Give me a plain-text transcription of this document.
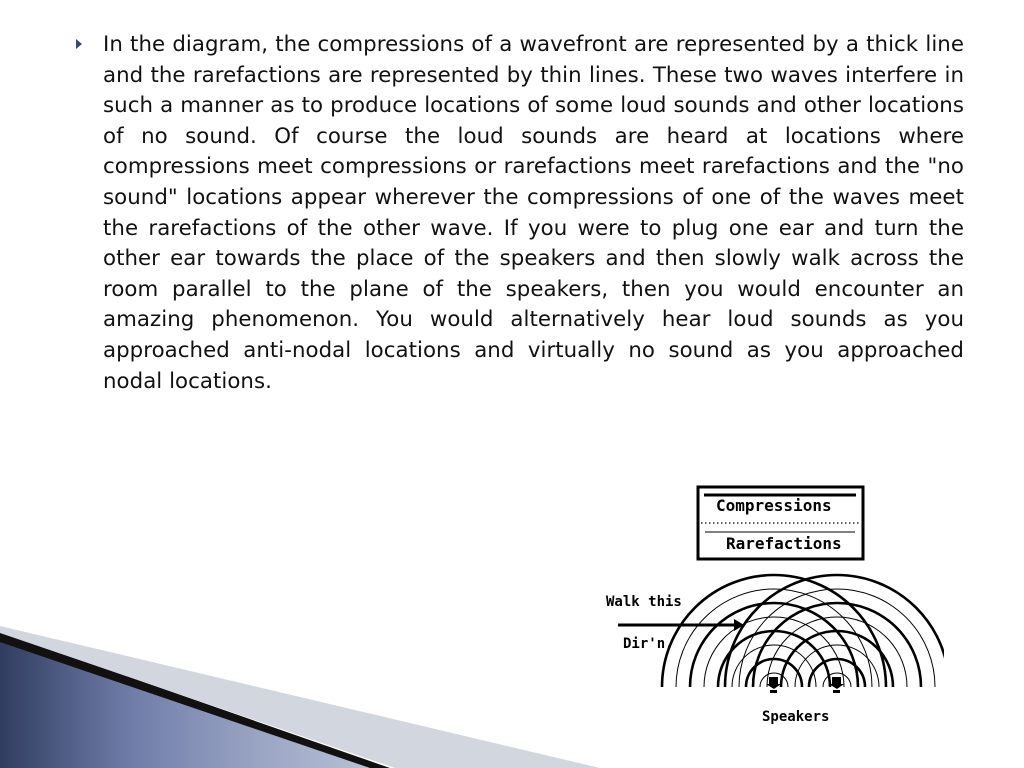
In the diagram, the compressions of a wavefront are represented by a thick line and the rarefactions are represented by thin lines. These two waves interfere in such a manner as to produce locations of some loud sounds and other locations of no sound. Of course the loud sounds are heard at locations where compressions meet compressions or rarefactions meet rarefactions and the "no sound" locations appear wherever the compressions of one of the waves meet the rarefactions of the other wave. If you were to plug one ear and turn the other ear towards the place of the speakers and then slowly walk across the room parallel to the plane of the speakers, then you would encounter an amazing phenomenon. You would alternatively hear loud sounds as you approached anti-nodal locations and virtually no sound as you approached nodal locations.

Compressions
Rarefactions
Walk this
Dir'n.
Speakers
